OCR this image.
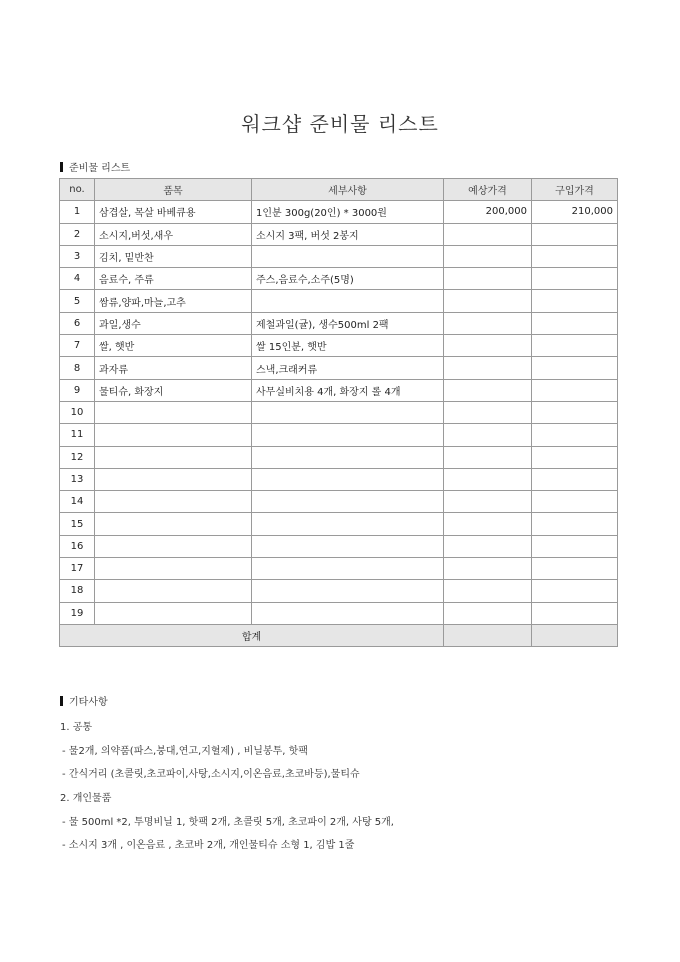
워크샵 준비물 리스트
준비물 리스트
no.	품목	세부사항	예상가격	구입가격
1	삼겹살, 목살 바베큐용	1인분 300g(20인) * 3000원	200,000	210,000
2	소시지,버섯,새우	소시지 3팩, 버섯 2봉지		
3	김치, 밑반찬			
4	음료수, 주류	주스,음료수,소주(5명)		
5	쌈류,양파,마늘,고추			
6	과일,생수	제철과일(귤), 생수500ml 2팩		
7	쌀, 햇반	쌀 15인분, 햇반		
8	과자류	스낵,크래커류		
9	물티슈, 화장지	사무실비치용 4개, 화장지 롤 4개		
10				
11				
12				
13				
14				
15				
16				
17				
18				
19				
합계				
기타사항
1. 공통
- 물2개, 의약품(파스,붕대,연고,지혈제) , 비닐봉투, 핫팩
- 간식거리 (초콜릿,초코파이,사탕,소시지,이온음료,초코바등),물티슈
2. 개인물품
- 물 500ml *2, 투명비닐 1, 핫팩 2개, 초콜릿 5개, 초코파이 2개, 사탕 5개,
- 소시지 3개 , 이온음료 , 초코바 2개, 개인물티슈 소형 1, 김밥 1줄
